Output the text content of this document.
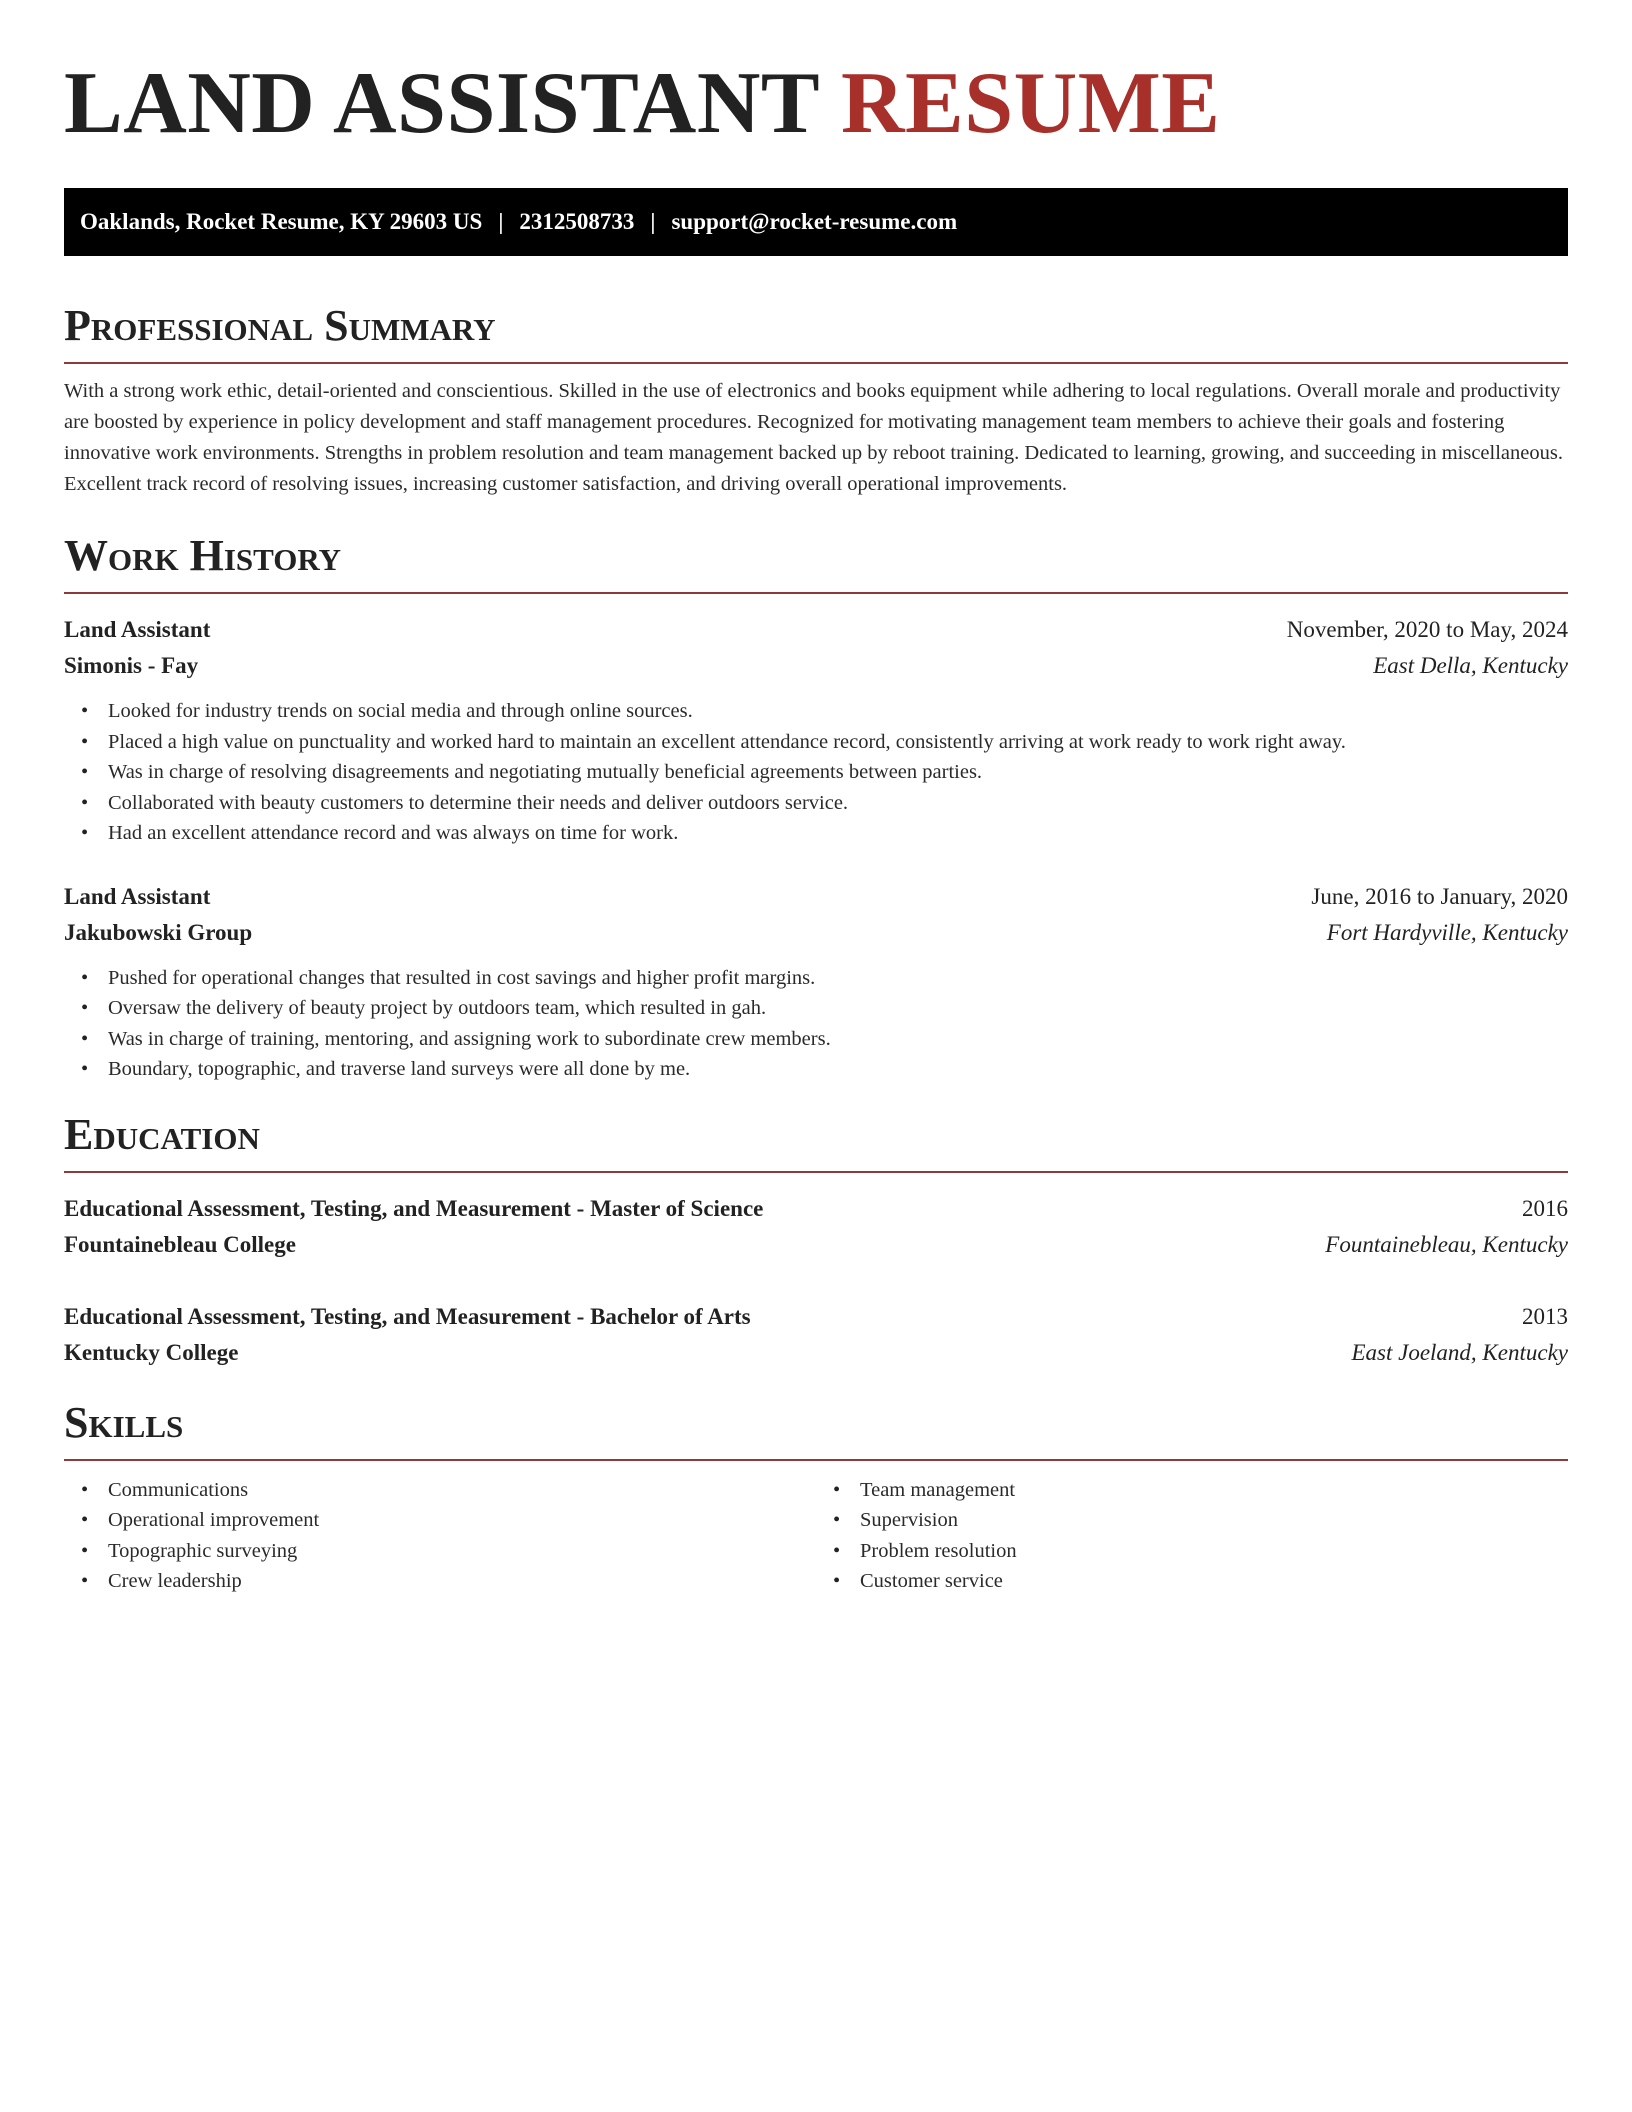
LAND ASSISTANT RESUME
Oaklands, Rocket Resume, KY 29603 US | 2312508733 | support@rocket-resume.com
Professional Summary

With a strong work ethic, detail-oriented and conscientious. Skilled in the use of electronics and books equipment while adhering to local regulations. Overall morale and productivity are boosted by experience in policy development and staff management procedures. Recognized for motivating management team members to achieve their goals and fostering innovative work environments. Strengths in problem resolution and team management backed up by reboot training. Dedicated to learning, growing, and succeeding in miscellaneous. Excellent track record of resolving issues, increasing customer satisfaction, and driving overall operational improvements.

Work History
Land Assistant	November, 2020 to May, 2024
Simonis - Fay	East Della, Kentucky
• Looked for industry trends on social media and through online sources.
• Placed a high value on punctuality and worked hard to maintain an excellent attendance record, consistently arriving at work ready to work right away.
• Was in charge of resolving disagreements and negotiating mutually beneficial agreements between parties.
• Collaborated with beauty customers to determine their needs and deliver outdoors service.
• Had an excellent attendance record and was always on time for work.
Land Assistant	June, 2016 to January, 2020
Jakubowski Group	Fort Hardyville, Kentucky
• Pushed for operational changes that resulted in cost savings and higher profit margins.
• Oversaw the delivery of beauty project by outdoors team, which resulted in gah.
• Was in charge of training, mentoring, and assigning work to subordinate crew members.
• Boundary, topographic, and traverse land surveys were all done by me.
Education
Educational Assessment, Testing, and Measurement - Master of Science	2016
Fountainebleau College	Fountainebleau, Kentucky
Educational Assessment, Testing, and Measurement - Bachelor of Arts	2013
Kentucky College	East Joeland, Kentucky
Skills
• Communications
• Operational improvement
• Topographic surveying
• Crew leadership
• Team management
• Supervision
• Problem resolution
• Customer service
